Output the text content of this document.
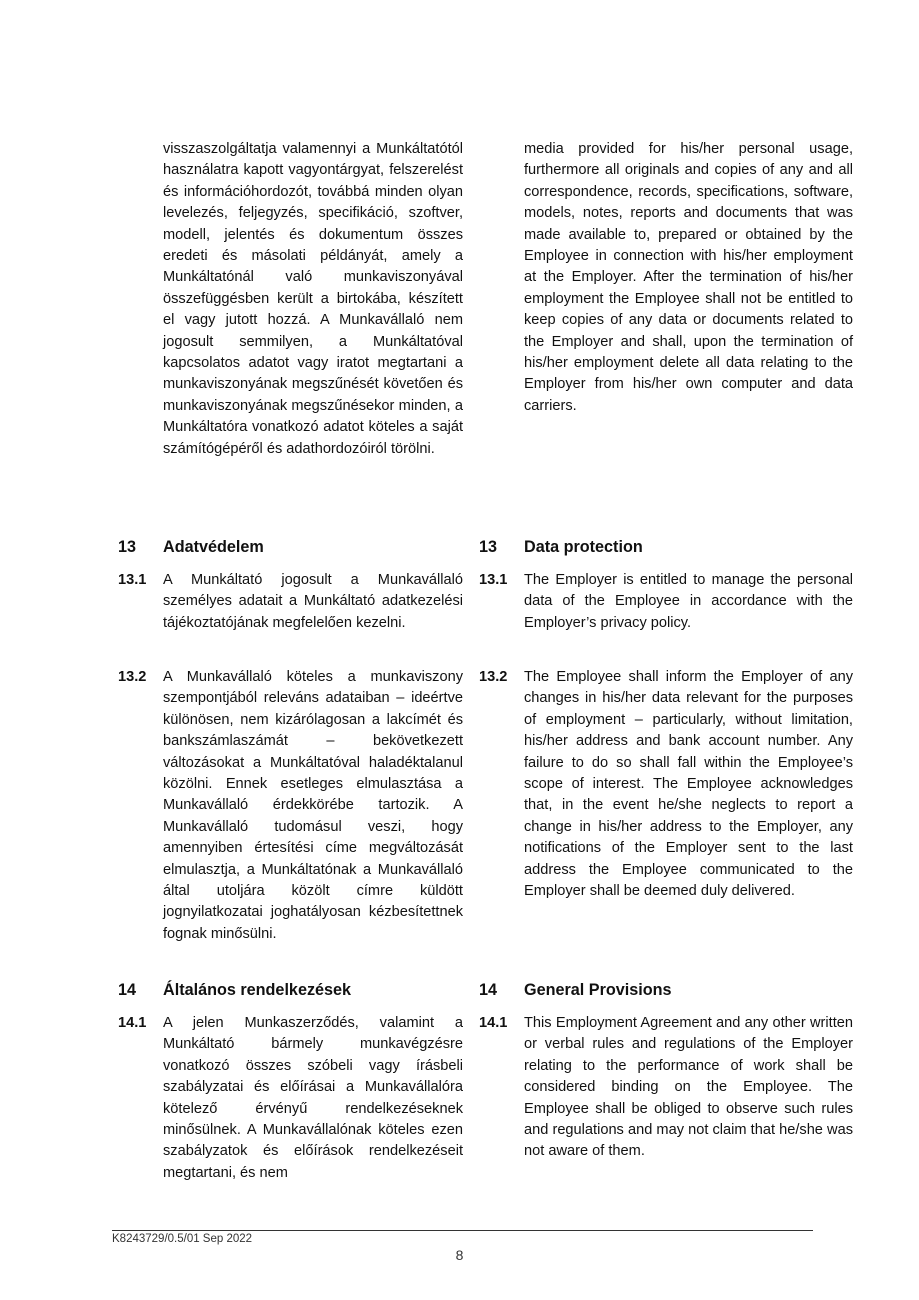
visszaszolgáltatja valamennyi a Munkáltatótól használatra kapott vagyontárgyat, felszerelést és információhordozót, továbbá minden olyan levelezés, feljegyzés, specifikáció, szoftver, modell, jelentés és dokumentum összes eredeti és másolati példányát, amely a Munkáltatónál való munkaviszonyával összefüggésben került a birtokába, készített el vagy jutott hozzá. A Munkavállaló nem jogosult semmilyen, a Munkáltatóval kapcsolatos adatot vagy iratot megtartani a munkaviszonyának megszűnését követően és munkaviszonyának megszűnésekor minden, a Munkáltatóra vonatkozó adatot köteles a saját számítógépéről és adathordozóiról törölni.

media provided for his/her personal usage, furthermore all originals and copies of any and all correspondence, records, specifications, software, models, notes, reports and documents that was made available to, prepared or obtained by the Employee in connection with his/her employment at the Employer. After the termination of his/her employment the Employee shall not be entitled to keep copies of any data or documents related to the Employer and shall, upon the termination of his/her employment delete all data relating to the Employer from his/her own computer and data carriers.

13 Adatvédelem	13 Data protection
13.1	A Munkáltató jogosult a Munkavállaló személyes adatait a Munkáltató adatkezelési tájékoztatójának megfelelően kezelni.

13.1	The Employer is entitled to manage the personal data of the Employee in accordance with the Employer’s privacy policy.

13.2	A Munkavállaló köteles a munkaviszony szempontjából releváns adataiban – ideértve különösen, nem kizárólagosan a lakcímét és bankszámlaszámát – bekövetkezett változásokat a Munkáltatóval haladéktalanul közölni. Ennek esetleges elmulasztása a Munkavállaló érdekkörébe tartozik. A Munkavállaló tudomásul veszi, hogy amennyiben értesítési címe megváltozását elmulasztja, a Munkáltatónak a Munkavállaló által utoljára közölt címre küldött jognyilatkozatai joghatályosan kézbesítettnek fognak minősülni.

13.2	The Employee shall inform the Employer of any changes in his/her data relevant for the purposes of employment – particularly, without limitation, his/her address and bank account number. Any failure to do so shall fall within the Employee’s scope of interest. The Employee acknowledges that, in the event he/she neglects to report a change in his/her address to the Employer, any notifications of the Employer sent to the last address the Employee communicated to the Employer shall be deemed duly delivered.

14 Általános rendelkezések	14 General Provisions
14.1	A jelen Munkaszerződés, valamint a Munkáltató bármely munkavégzésre vonatkozó összes szóbeli vagy írásbeli szabályzatai és előírásai a Munkavállalóra kötelező érvényű rendelkezéseknek minősülnek. A Munkavállalónak köteles ezen szabályzatok és előírások rendelkezéseit megtartani, és nem

14.1	This Employment Agreement and any other written or verbal rules and regulations of the Employer relating to the performance of work shall be considered binding on the Employee. The Employee shall be obliged to observe such rules and regulations and may not claim that he/she was not aware of them.

K8243729/0.5/01 Sep 2022
8
